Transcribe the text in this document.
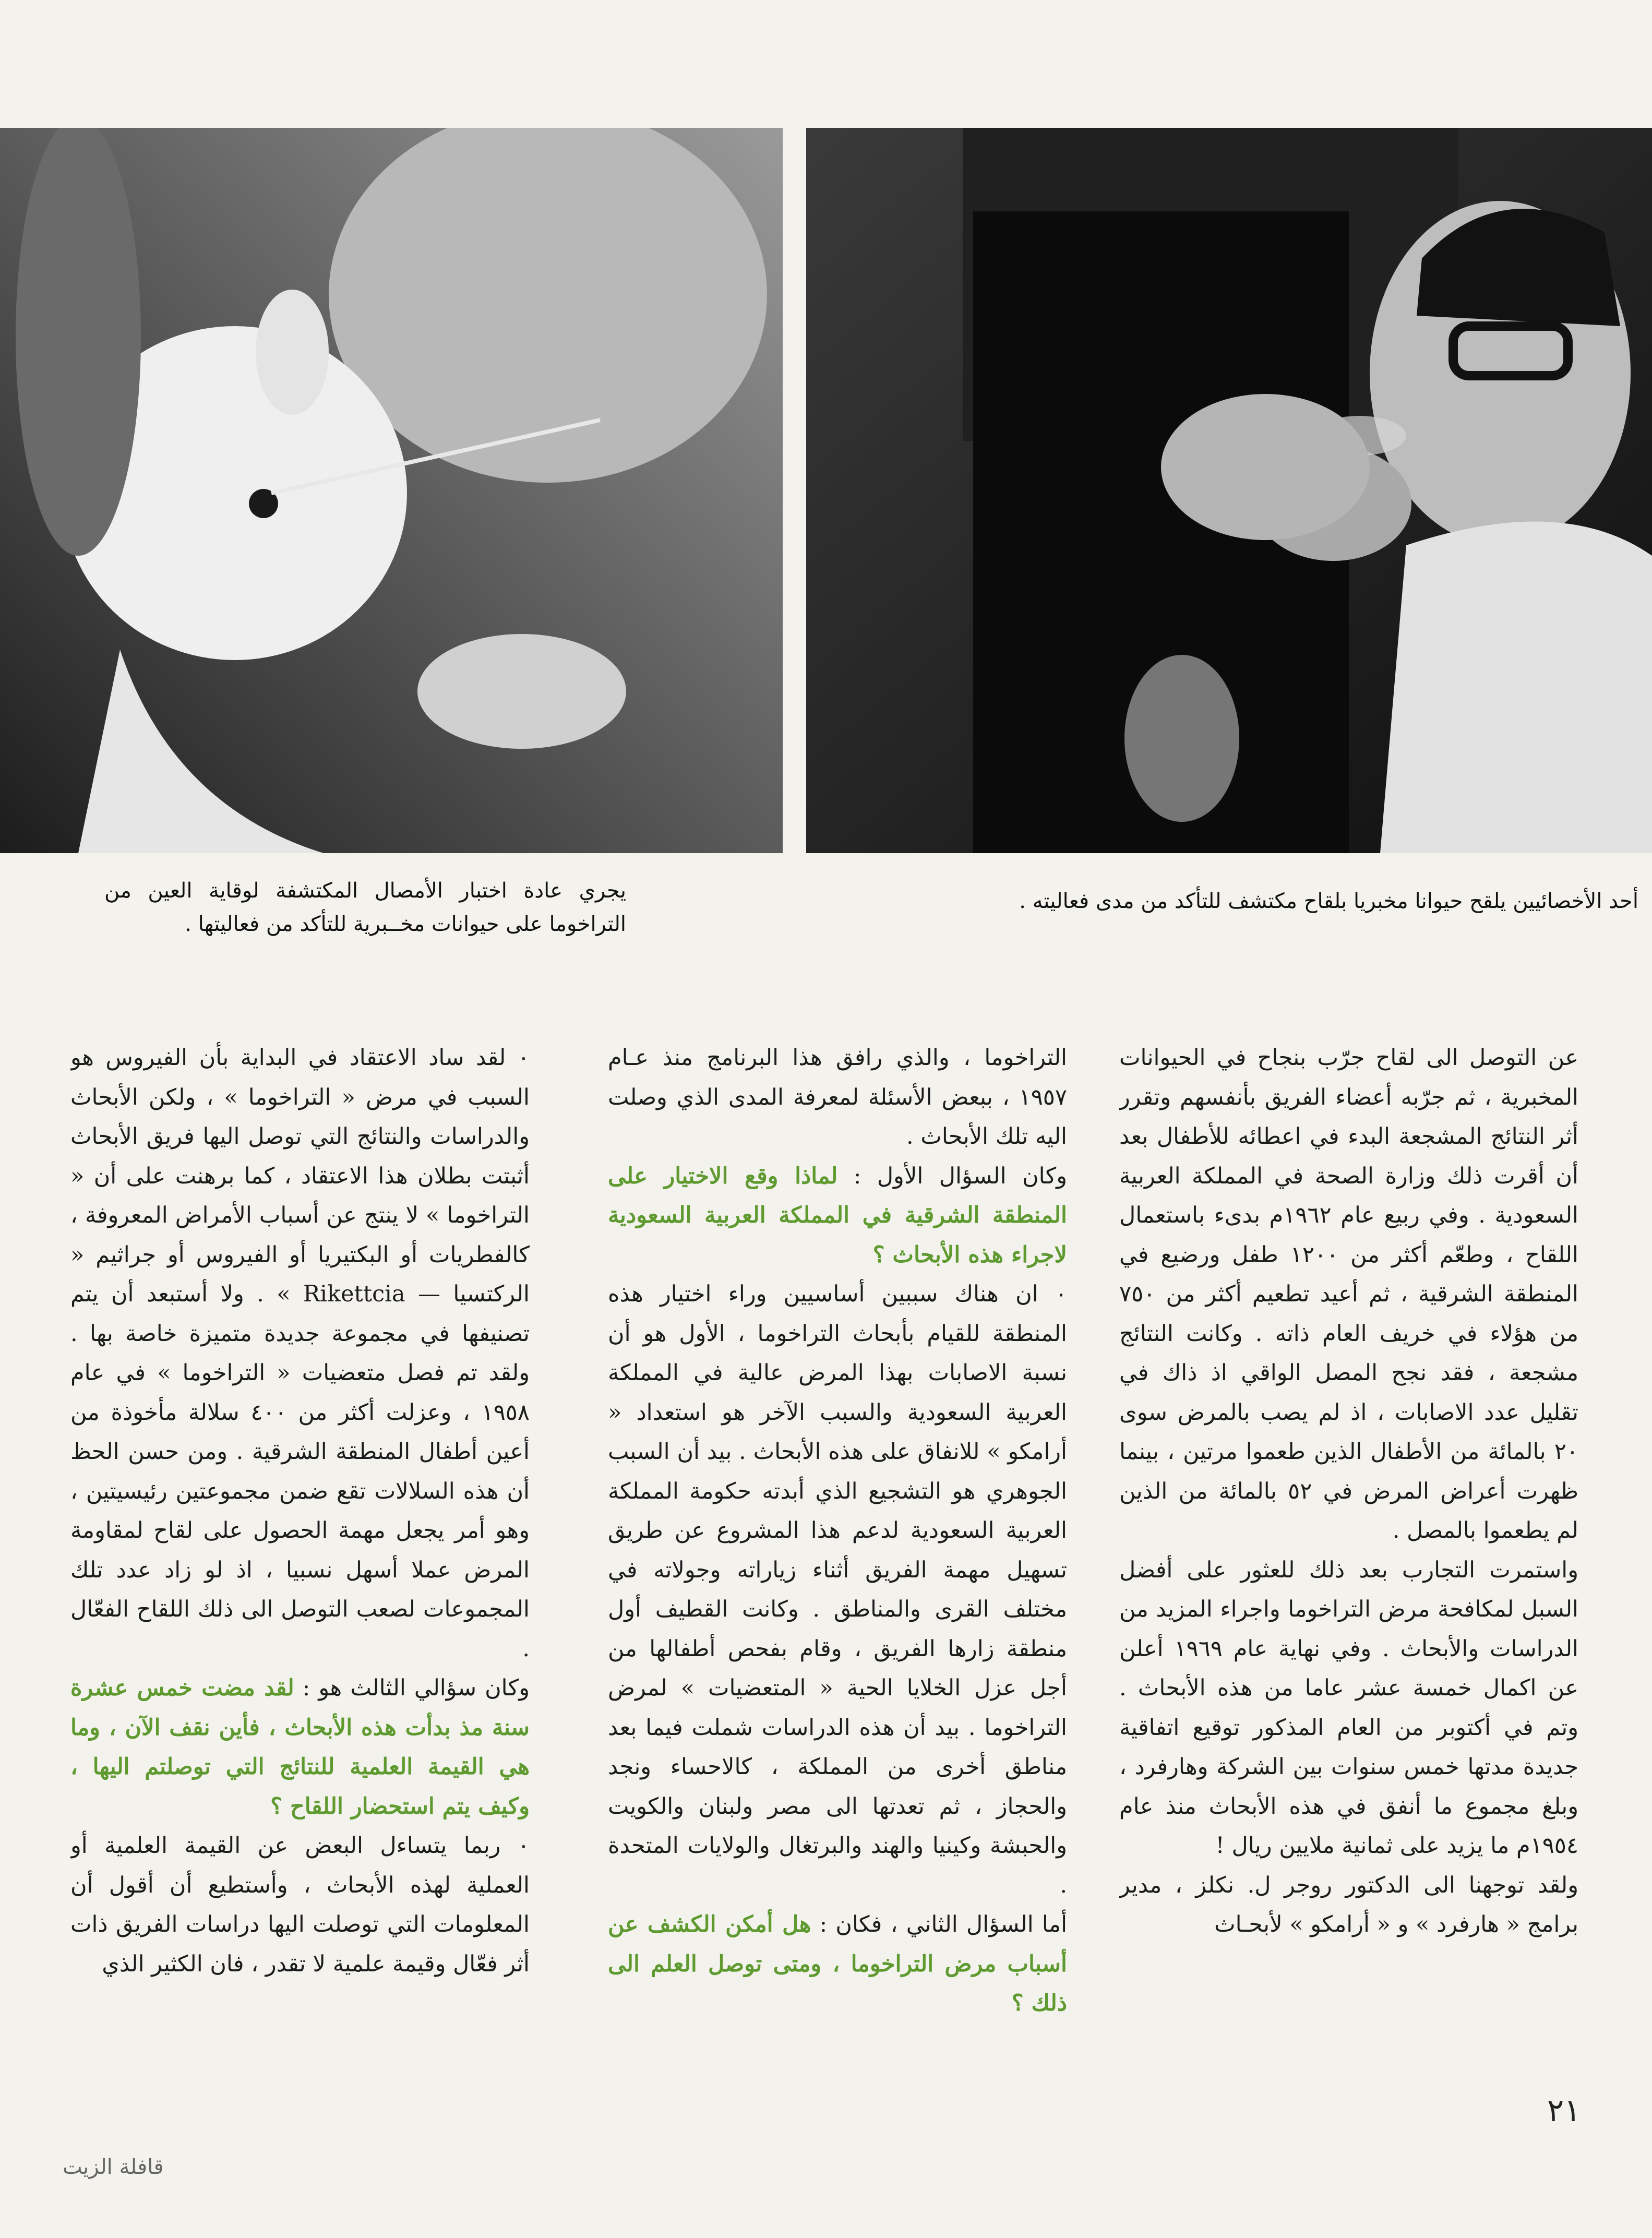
أحد الأخصائيين يلقح حيوانا مخبريا بلقاح مكتشف للتأكد من مدى فعاليته .
يجري عادة اختبار الأمصال المكتشفة لوقاية العين من التراخوما على حيوانات مخــبرية للتأكد من فعاليتها .

عن التوصل الى لقاح جرّب بنجاح في الحيوانات المخبرية ، ثم جرّبه أعضاء الفريق بأنفسهم وتقرر أثر النتائج المشجعة البدء في اعطائه للأطفال بعد أن أقرت ذلك وزارة الصحة في المملكة العربية السعودية . وفي ربيع عام ١٩٦٢م بدىء باستعمال اللقاح ، وطعّم أكثر من ١٢٠٠ طفل ورضيع في المنطقة الشرقية ، ثم أعيد تطعيم أكثر من ٧٥٠ من هؤلاء في خريف العام ذاته . وكانت النتائج مشجعة ، فقد نجح المصل الواقي اذ ذاك في تقليل عدد الاصابات ، اذ لم يصب بالمرض سوى ٢٠ بالمائة من الأطفال الذين طعموا مرتين ، بينما ظهرت أعراض المرض في ٥٢ بالمائة من الذين لم يطعموا بالمصل .

واستمرت التجارب بعد ذلك للعثور على أفضل السبل لمكافحة مرض التراخوما واجراء المزيد من الدراسات والأبحاث . وفي نهاية عام ١٩٦٩ أعلن عن اكمال خمسة عشر عاما من هذه الأبحاث . وتم في أكتوبر من العام المذكور توقيع اتفاقية جديدة مدتها خمس سنوات بين الشركة وهارفرد ، وبلغ مجموع ما أنفق في هذه الأبحاث منذ عام ١٩٥٤م ما يزيد على ثمانية ملايين ريال !

ولقد توجهنا الى الدكتور روجر ل. نكلز ، مدير برامج « هارفرد » و « أرامكو » لأبحـاث

التراخوما ، والذي رافق هذا البرنامج منذ عـام ١٩٥٧ ، ببعض الأسئلة لمعرفة المدى الذي وصلت اليه تلك الأبحاث .

وكان السؤال الأول : لماذا وقع الاختيار على المنطقة الشرقية في المملكة العربية السعودية لاجراء هذه الأبحاث ؟

٠ ان هناك سببين أساسيين وراء اختيار هذه المنطقة للقيام بأبحاث التراخوما ، الأول هو أن نسبة الاصابات بهذا المرض عالية في المملكة العربية السعودية والسبب الآخر هو استعداد « أرامكو » للانفاق على هذه الأبحاث . بيد أن السبب الجوهري هو التشجيع الذي أبدته حكومة المملكة العربية السعودية لدعم هذا المشروع عن طريق تسهيل مهمة الفريق أثناء زياراته وجولاته في مختلف القرى والمناطق . وكانت القطيف أول منطقة زارها الفريق ، وقام بفحص أطفالها من أجل عزل الخلايا الحية « المتعضيات » لمرض التراخوما . بيد أن هذه الدراسات شملت فيما بعد مناطق أخرى من المملكة ، كالاحساء ونجد والحجاز ، ثم تعدتها الى مصر ولبنان والكويت والحبشة وكينيا والهند والبرتغال والولايات المتحدة .

أما السؤال الثاني ، فكان : هل أمكن الكشف عن أسباب مرض التراخوما ، ومتى توصل العلم الى ذلك ؟

٠ لقد ساد الاعتقاد في البداية بأن الفيروس هو السبب في مرض « التراخوما » ، ولكن الأبحاث والدراسات والنتائج التي توصل اليها فريق الأبحاث أثبتت بطلان هذا الاعتقاد ، كما برهنت على أن « التراخوما » لا ينتج عن أسباب الأمراض المعروفة ، كالفطريات أو البكتيريا أو الفيروس أو جراثيم « الركتسيا — Rikettcia » . ولا أستبعد أن يتم تصنيفها في مجموعة جديدة متميزة خاصة بها . ولقد تم فصل متعضيات « التراخوما » في عام ١٩٥٨ ، وعزلت أكثر من ٤٠٠ سلالة مأخوذة من أعين أطفال المنطقة الشرقية . ومن حسن الحظ أن هذه السلالات تقع ضمن مجموعتين رئيسيتين ، وهو أمر يجعل مهمة الحصول على لقاح لمقاومة المرض عملا أسهل نسبيا ، اذ لو زاد عدد تلك المجموعات لصعب التوصل الى ذلك اللقاح الفعّال .

وكان سؤالي الثالث هو : لقد مضت خمس عشرة سنة مذ بدأت هذه الأبحاث ، فأين نقف الآن ، وما هي القيمة العلمية للنتائج التي توصلتم اليها ، وكيف يتم استحضار اللقاح ؟

٠ ربما يتساءل البعض عن القيمة العلمية أو العملية لهذه الأبحاث ، وأستطيع أن أقول أن المعلومات التي توصلت اليها دراسات الفريق ذات أثر فعّال وقيمة علمية لا تقدر ، فان الكثير الذي

٢١
قافلة الزيت
